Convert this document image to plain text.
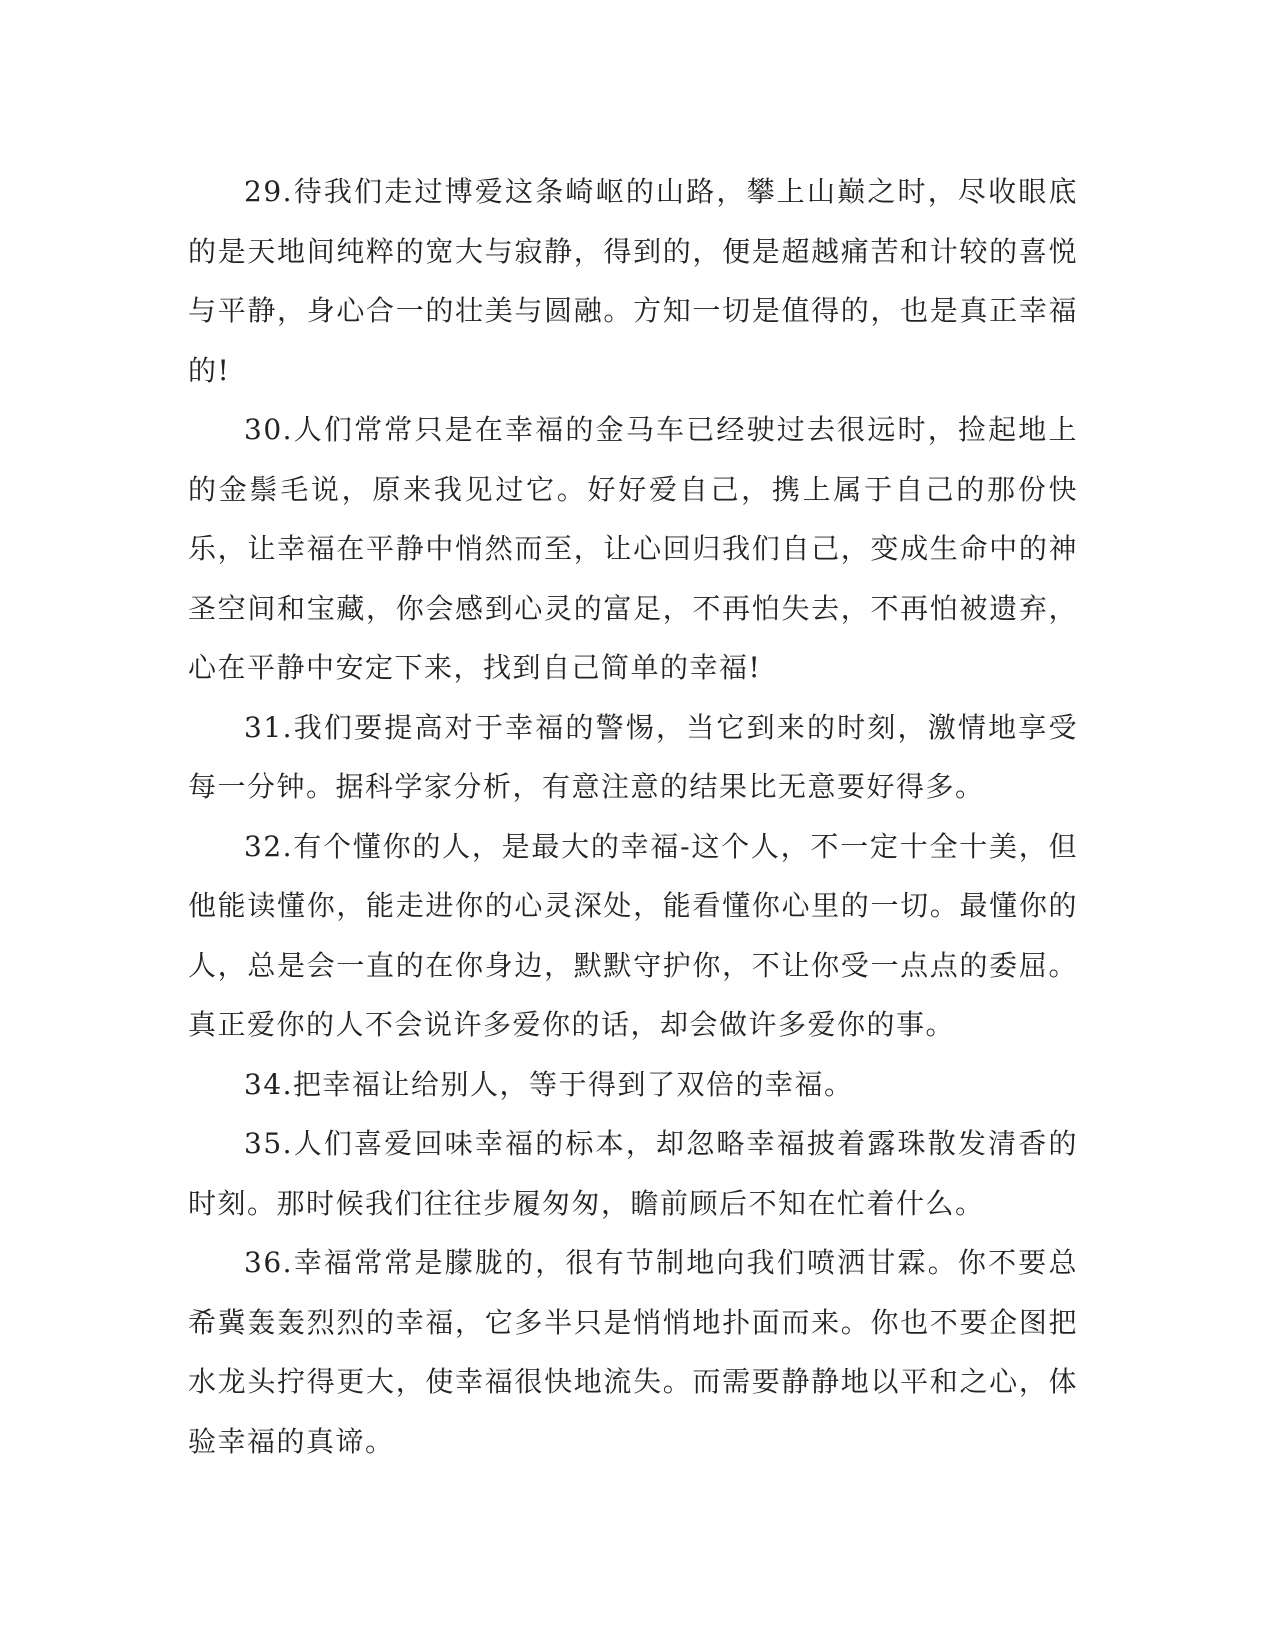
29.待我们走过博爱这条崎岖的山路，攀上山巅之时，尽收眼底的是天地间纯粹的宽大与寂静，得到的，便是超越痛苦和计较的喜悦与平静，身心合一的壮美与圆融。方知一切是值得的，也是真正幸福的!

30.人们常常只是在幸福的金马车已经驶过去很远时，捡起地上的金鬃毛说，原来我见过它。好好爱自己，携上属于自己的那份快乐，让幸福在平静中悄然而至，让心回归我们自己，变成生命中的神圣空间和宝藏，你会感到心灵的富足，不再怕失去，不再怕被遗弃，心在平静中安定下来，找到自己简单的幸福!

31.我们要提高对于幸福的警惕，当它到来的时刻，激情地享受每一分钟。据科学家分析，有意注意的结果比无意要好得多。

32.有个懂你的人，是最大的幸福-这个人，不一定十全十美，但他能读懂你，能走进你的心灵深处，能看懂你心里的一切。最懂你的人，总是会一直的在你身边，默默守护你，不让你受一点点的委屈。真正爱你的人不会说许多爱你的话，却会做许多爱你的事。

34.把幸福让给别人，等于得到了双倍的幸福。

35.人们喜爱回味幸福的标本，却忽略幸福披着露珠散发清香的时刻。那时候我们往往步履匆匆，瞻前顾后不知在忙着什么。

36.幸福常常是朦胧的，很有节制地向我们喷洒甘霖。你不要总希冀轰轰烈烈的幸福，它多半只是悄悄地扑面而来。你也不要企图把水龙头拧得更大，使幸福很快地流失。而需要静静地以平和之心，体验幸福的真谛。
